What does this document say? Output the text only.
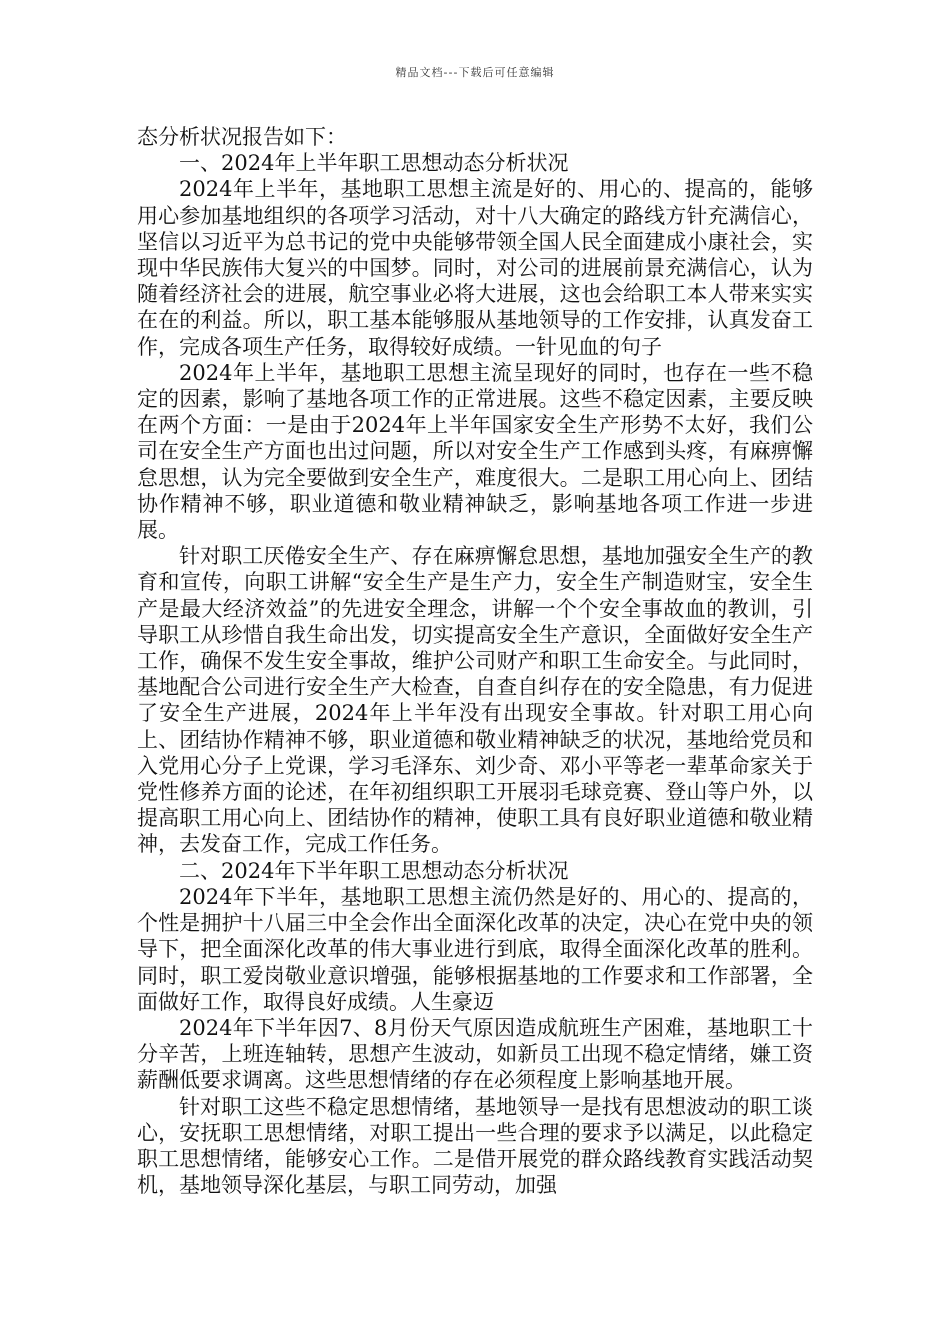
精品文档---下载后可任意编辑

态分析状况报告如下：

一、2024年上半年职工思想动态分析状况

2024年上半年，基地职工思想主流是好的、用心的、提高的，能够用心参加基地组织的各项学习活动，对十八大确定的路线方针充满信心，坚信以习近平为总书记的党中央能够带领全国人民全面建成小康社会，实现中华民族伟大复兴的中国梦。同时，对公司的进展前景充满信心，认为随着经济社会的进展，航空事业必将大进展，这也会给职工本人带来实实在在的利益。所以，职工基本能够服从基地领导的工作安排，认真发奋工作，完成各项生产任务，取得较好成绩。一针见血的句子

2024年上半年，基地职工思想主流呈现好的同时，也存在一些不稳定的因素，影响了基地各项工作的正常进展。这些不稳定因素，主要反映在两个方面：一是由于2024年上半年国家安全生产形势不太好，我们公司在安全生产方面也出过问题，所以对安全生产工作感到头疼，有麻痹懈怠思想，认为完全要做到安全生产，难度很大。二是职工用心向上、团结协作精神不够，职业道德和敬业精神缺乏，影响基地各项工作进一步进展。

针对职工厌倦安全生产、存在麻痹懈怠思想，基地加强安全生产的教育和宣传，向职工讲解“安全生产是生产力，安全生产制造财宝，安全生产是最大经济效益”的先进安全理念，讲解一个个安全事故血的教训，引导职工从珍惜自我生命出发，切实提高安全生产意识，全面做好安全生产工作，确保不发生安全事故，维护公司财产和职工生命安全。与此同时，基地配合公司进行安全生产大检查，自查自纠存在的安全隐患，有力促进了安全生产进展，2024年上半年没有出现安全事故。针对职工用心向上、团结协作精神不够，职业道德和敬业精神缺乏的状况，基地给党员和入党用心分子上党课，学习毛泽东、刘少奇、邓小平等老一辈革命家关于党性修养方面的论述，在年初组织职工开展羽毛球竞赛、登山等户外，以提高职工用心向上、团结协作的精神，使职工具有良好职业道德和敬业精神，去发奋工作，完成工作任务。

二、2024年下半年职工思想动态分析状况

2024年下半年，基地职工思想主流仍然是好的、用心的、提高的，个性是拥护十八届三中全会作出全面深化改革的决定，决心在党中央的领导下，把全面深化改革的伟大事业进行到底，取得全面深化改革的胜利。同时，职工爱岗敬业意识增强，能够根据基地的工作要求和工作部署，全面做好工作，取得良好成绩。人生豪迈

2024年下半年因7、8月份天气原因造成航班生产困难，基地职工十分辛苦，上班连轴转，思想产生波动，如新员工出现不稳定情绪，嫌工资薪酬低要求调离。这些思想情绪的存在必须程度上影响基地开展。

针对职工这些不稳定思想情绪，基地领导一是找有思想波动的职工谈心，安抚职工思想情绪，对职工提出一些合理的要求予以满足，以此稳定职工思想情绪，能够安心工作。二是借开展党的群众路线教育实践活动契机，基地领导深化基层，与职工同劳动，加强
